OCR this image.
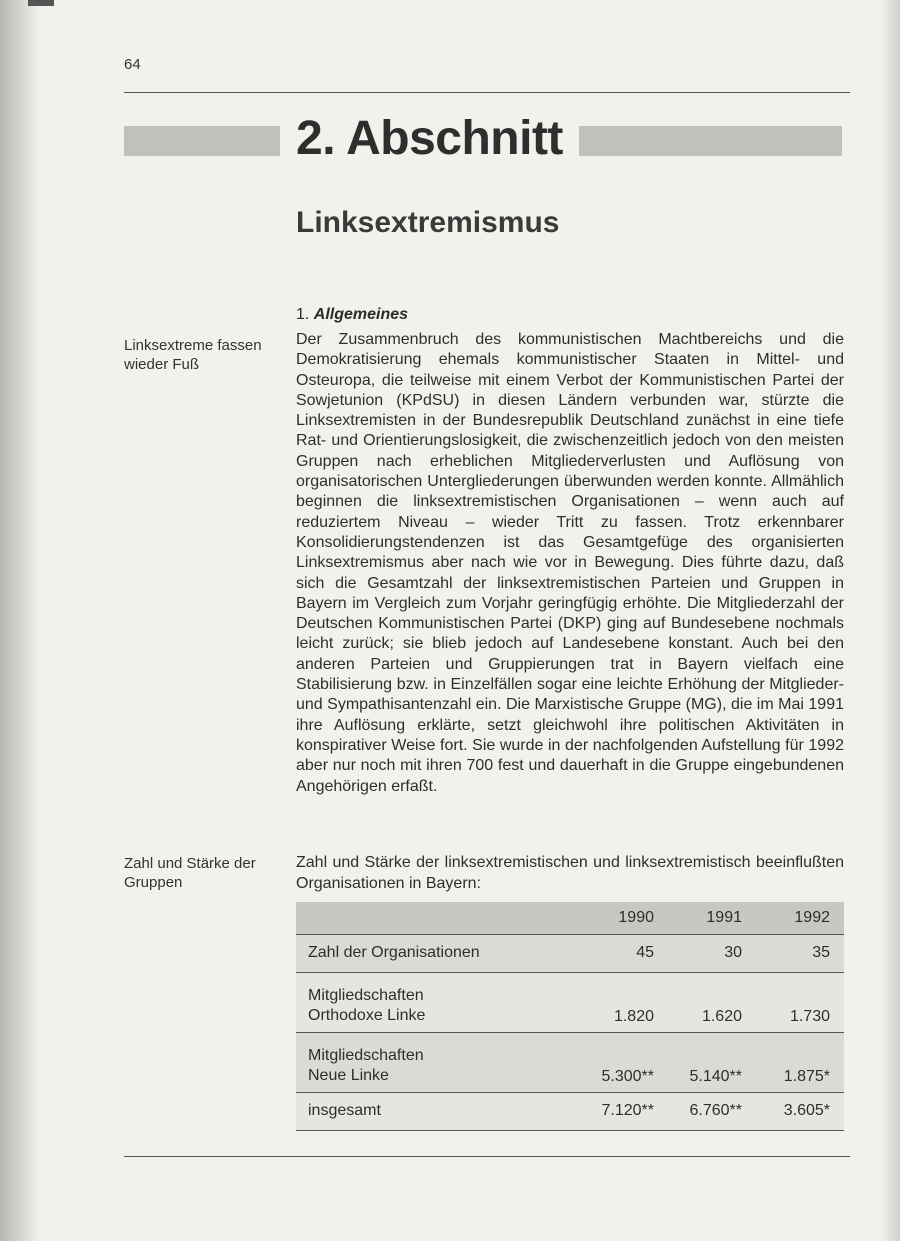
64
2. Abschnitt
Linksextremismus
Linksextreme fassen wieder Fuß
Zahl und Stärke der Gruppen
1. Allgemeines
Der Zusammenbruch des kommunistischen Machtbereichs und die Demokratisierung ehemals kommunistischer Staaten in Mittel- und Osteuropa, die teilweise mit einem Verbot der Kommunistischen Partei der Sowjetunion (KPdSU) in diesen Ländern verbunden war, stürzte die Linksextremisten in der Bundesrepublik Deutschland zunächst in eine tiefe Rat- und Orientierungslosigkeit, die zwischenzeitlich jedoch von den meisten Gruppen nach erheblichen Mitgliederverlusten und Auflösung von organisatorischen Untergliederungen überwunden werden konnte. Allmählich beginnen die linksextremistischen Organisationen – wenn auch auf reduziertem Niveau – wieder Tritt zu fassen. Trotz erkennbarer Konsolidierungstendenzen ist das Gesamtgefüge des organisierten Linksextremismus aber nach wie vor in Bewegung. Dies führte dazu, daß sich die Gesamtzahl der linksextremistischen Parteien und Gruppen in Bayern im Vergleich zum Vorjahr geringfügig erhöhte. Die Mitgliederzahl der Deutschen Kommunistischen Partei (DKP) ging auf Bundesebene nochmals leicht zurück; sie blieb jedoch auf Landesebene konstant. Auch bei den anderen Parteien und Gruppierungen trat in Bayern vielfach eine Stabilisierung bzw. in Einzelfällen sogar eine leichte Erhöhung der Mitglieder- und Sympathisantenzahl ein. Die Marxistische Gruppe (MG), die im Mai 1991 ihre Auflösung erklärte, setzt gleichwohl ihre politischen Aktivitäten in konspirativer Weise fort. Sie wurde in der nachfolgenden Aufstellung für 1992 aber nur noch mit ihren 700 fest und dauerhaft in die Gruppe eingebundenen Angehörigen erfaßt.
Zahl und Stärke der linksextremistischen und linksextremistisch beeinflußten Organisationen in Bayern:
	1990	1991	1992
Zahl der Organisationen	45	30	35

Mitgliedschaften
Orthodoxe Linke	1.820	1.620	1.730

Mitgliedschaften
Neue Linke	5.300**	5.140**	1.875*
insgesamt	7.120**	6.760**	3.605*
